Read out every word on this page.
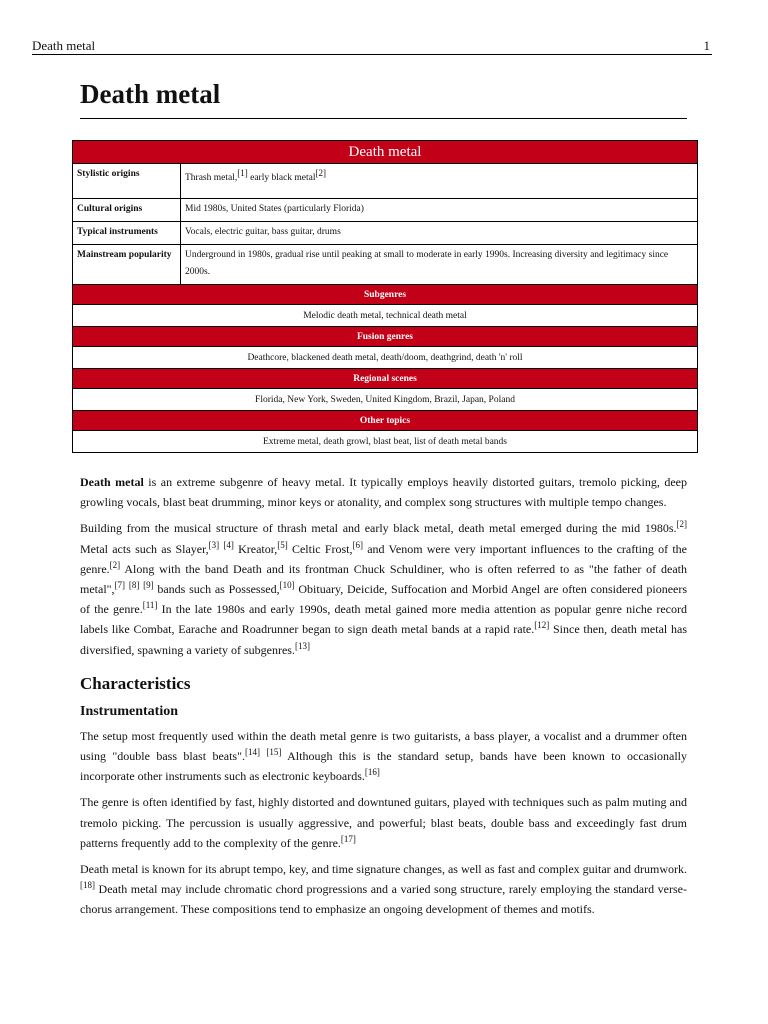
Death metal	1
Death metal
Death metal	
Stylistic origins	Thrash metal,[1] early black metal[2]
Cultural origins	Mid 1980s, United States (particularly Florida)
Typical instruments	Vocals, electric guitar, bass guitar, drums
Mainstream popularity	Underground in 1980s, gradual rise until peaking at small to moderate in early 1990s. Increasing diversity and legitimacy since 2000s.
Subgenres	
Melodic death metal, technical death metal	
Fusion genres	
Deathcore, blackened death metal, death/doom, deathgrind, death 'n' roll	
Regional scenes	
Florida, New York, Sweden, United Kingdom, Brazil, Japan, Poland	
Other topics	
Extreme metal, death growl, blast beat, list of death metal bands	

Death metal is an extreme subgenre of heavy metal. It typically employs heavily distorted guitars, tremolo picking, deep growling vocals, blast beat drumming, minor keys or atonality, and complex song structures with multiple tempo changes.

Building from the musical structure of thrash metal and early black metal, death metal emerged during the mid 1980s.[2] Metal acts such as Slayer,[3] [4] Kreator,[5] Celtic Frost,[6] and Venom were very important influences to the crafting of the genre.[2] Along with the band Death and its frontman Chuck Schuldiner, who is often referred to as "the father of death metal",[7] [8] [9] bands such as Possessed,[10] Obituary, Deicide, Suffocation and Morbid Angel are often considered pioneers of the genre.[11] In the late 1980s and early 1990s, death metal gained more media attention as popular genre niche record labels like Combat, Earache and Roadrunner began to sign death metal bands at a rapid rate.[12] Since then, death metal has diversified, spawning a variety of subgenres.[13]

Characteristics
Instrumentation

The setup most frequently used within the death metal genre is two guitarists, a bass player, a vocalist and a drummer often using "double bass blast beats".[14] [15] Although this is the standard setup, bands have been known to occasionally incorporate other instruments such as electronic keyboards.[16]

The genre is often identified by fast, highly distorted and downtuned guitars, played with techniques such as palm muting and tremolo picking. The percussion is usually aggressive, and powerful; blast beats, double bass and exceedingly fast drum patterns frequently add to the complexity of the genre.[17]

Death metal is known for its abrupt tempo, key, and time signature changes, as well as fast and complex guitar and drumwork.[18] Death metal may include chromatic chord progressions and a varied song structure, rarely employing the standard verse-chorus arrangement. These compositions tend to emphasize an ongoing development of themes and motifs.
